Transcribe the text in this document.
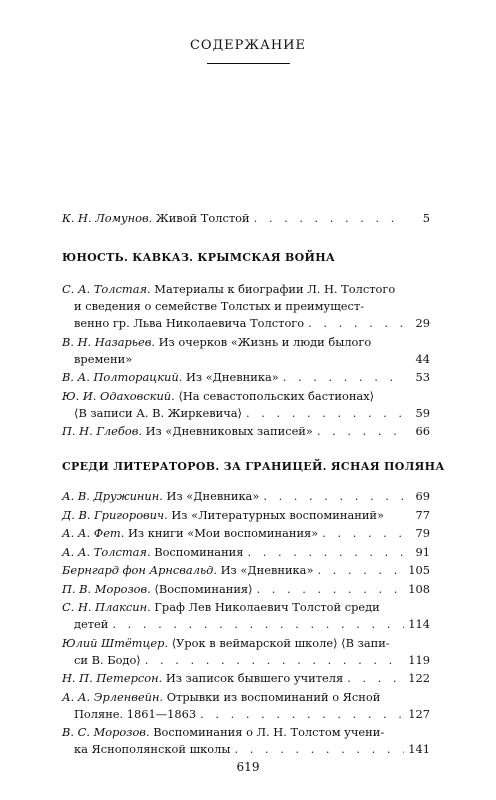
СОДЕРЖАНИЕ
К. Н. Ломунов.
Живой Толстой . . .	5
ЮНОСТЬ. КАВКАЗ. КРЫМСКАЯ ВОЙНА
С. А. Толстая.
Материалы к биографии Л. Н. Толстого
и сведения о семействе Толстых и преимущест-
венно гр. Льва Николаевича Толстого . . .	29
В. Н. Назарьев.
Из очерков «Жизнь и люди былого
времени»	44
В. А. Полторацкий.
Из «Дневника» . . .	53
Ю. И. Одаховский.
⟨На севастопольских бастионах⟩
⟨В записи А. В. Жиркевича⟩ . . .	59
П. Н. Глебов.
Из «Дневниковых записей» . . .	66
СРЕДИ ЛИТЕРАТОРОВ. ЗА ГРАНИЦЕЙ. ЯСНАЯ ПОЛЯНА
А. В. Дружинин.
Из «Дневника» . . .	69
Д. В. Григорович.
Из «Литературных воспоминаний»	77
А. А. Фет.
Из книги «Мои воспоминания» . . .	79
А. А. Толстая.
Воспоминания . . .	91
Бернгард фон Арнсвальд.
Из «Дневника» . . .	105
П. В. Морозов.
⟨Воспоминания⟩ . . .	108
С. Н. Плаксин.
Граф Лев Николаевич Толстой среди
детей . . .	114
Юлий Штётцер.
⟨Урок в веймарской школе⟩ ⟨В запи-
си В. Бодо⟩ . . .	119
Н. П. Петерсон.
Из записок бывшего учителя . . .	122
А. А. Эрленвейн.
Отрывки из воспоминаний о Ясной
Поляне. 1861—1863 . . .	127
В. С. Морозов.
Воспоминания о Л. Н. Толстом учени-
ка Яснополянской школы . . .	141
619
